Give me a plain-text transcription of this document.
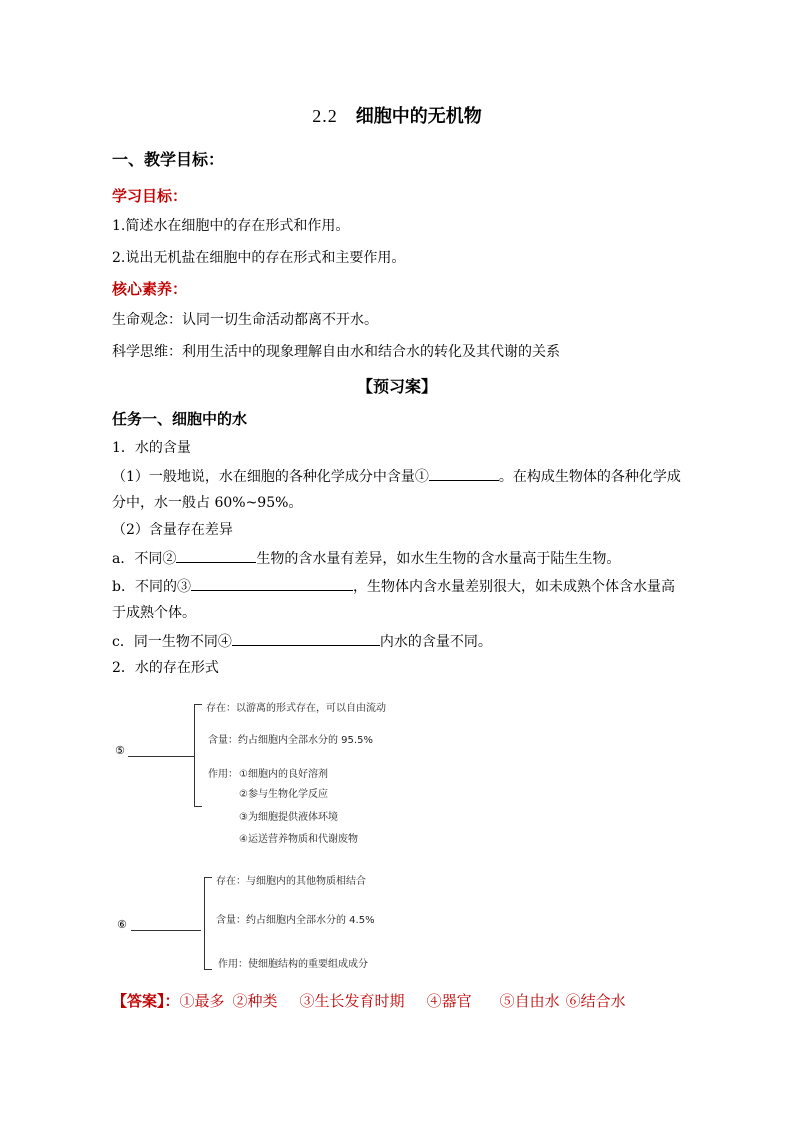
2.2 细胞中的无机物
一、教学目标：
学习目标：
1.简述水在细胞中的存在形式和作用。
2.说出无机盐在细胞中的存在形式和主要作用。
核心素养：
生命观念：认同一切生命活动都离不开水。
科学思维：利用生活中的现象理解自由水和结合水的转化及其代谢的关系
【预习案】
任务一、细胞中的水
1．水的含量
（1）一般地说，水在细胞的各种化学成分中含量①	。在构成生物体的各种化学成
分中，水一般占 60%~95%。
（2）含量存在差异
a．不同②	生物的含水量有差异，如水生生物的含水量高于陆生生物。
b．不同的③	，生物体内含水量差别很大，如未成熟个体含水量高
于成熟个体。
c．同一生物不同④	内水的含量不同。
2．水的存在形式
⑤
存在：以游离的形式存在，可以自由流动
含量：约占细胞内全部水分的 95.5%
作用： ①细胞内的良好溶剂
②参与生物化学反应
③为细胞提供液体环境
④运送营养物质和代谢废物
⑥
存在：与细胞内的其他物质相结合
含量：约占细胞内全部水分的 4.5%
作用：使细胞结构的重要组成成分
【答案】：①最多 ②种类 ③生长发育时期 ④器官 ⑤自由水 ⑥结合水
